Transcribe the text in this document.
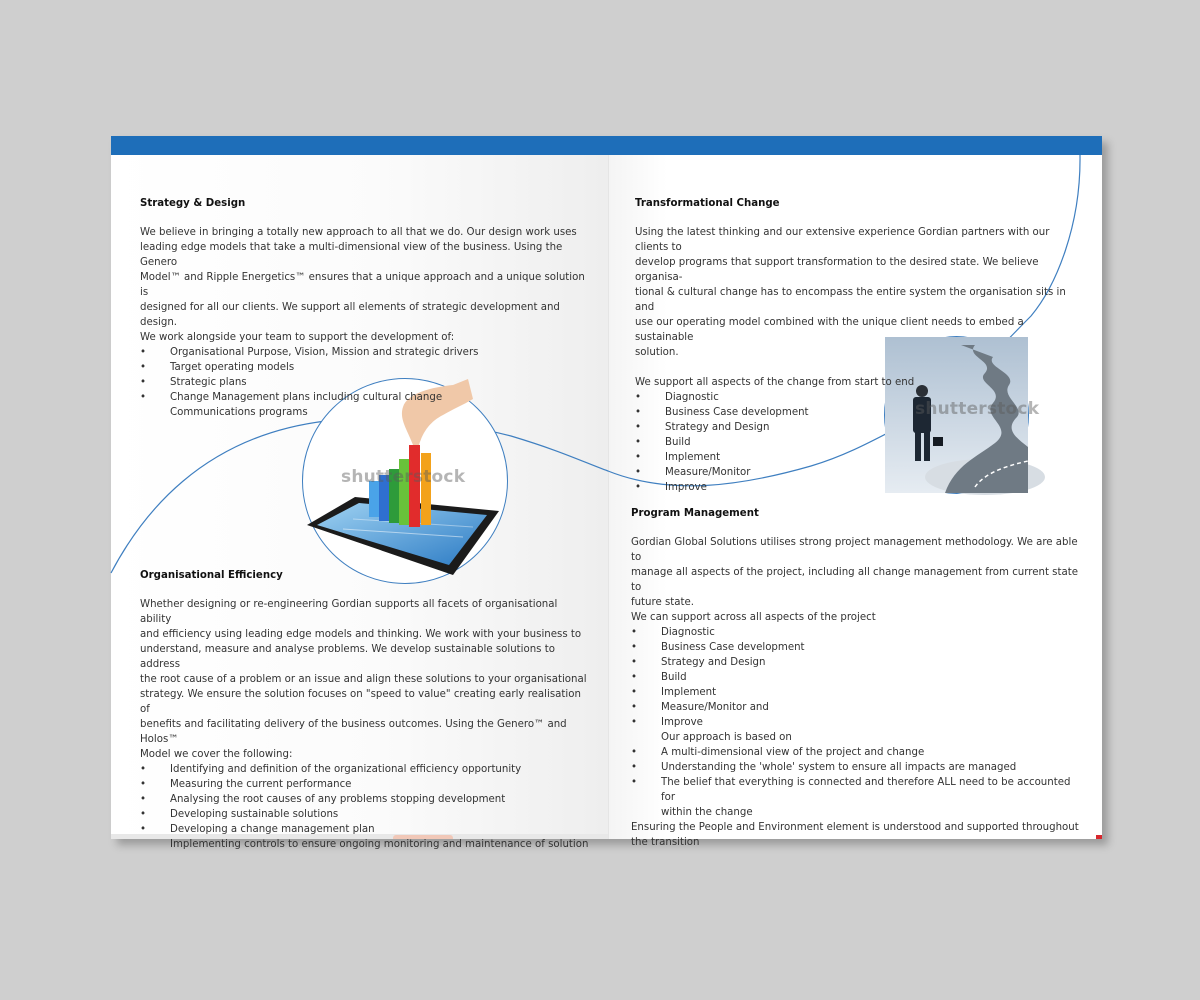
shutterstock
shutterstock
Strategy & Design

We believe in bringing a totally new approach to all that we do. Our design work uses
leading edge models that take a multi-dimensional view of the business. Using the Genero
Model™ and Ripple Energetics™ ensures that a unique approach and a unique solution is
designed for all our clients. We support all elements of strategic development and design.
We work alongside your team to support the development of:

• Organisational Purpose, Vision, Mission and strategic drivers
• Target operating models
• Strategic plans
• Change Management plans including cultural change
Communications programs
Organisational Efficiency

Whether designing or re-engineering Gordian supports all facets of organisational ability
and efficiency using leading edge models and thinking. We work with your business to
understand, measure and analyse problems. We develop sustainable solutions to address
the root cause of a problem or an issue and align these solutions to your organisational
strategy. We ensure the solution focuses on "speed to value" creating early realisation of
benefits and facilitating delivery of the business outcomes. Using the Genero™ and Holos™
Model we cover the following:

• Identifying and definition of the organizational efficiency opportunity
• Measuring the current performance
• Analysing the root causes of any problems stopping development
• Developing sustainable solutions
• Developing a change management plan
Implementing controls to ensure ongoing monitoring and maintenance of solution
Transformational Change

Using the latest thinking and our extensive experience Gordian partners with our clients to
develop programs that support transformation to the desired state. We believe organisa-
tional & cultural change has to encompass the entire system the organisation sits in and
use our operating model combined with the unique client needs to embed a sustainable
solution.

We support all aspects of the change from start to end
• Diagnostic
• Business Case development
• Strategy and Design
• Build
• Implement
• Measure/Monitor
• Improve
Program Management

Gordian Global Solutions utilises strong project management methodology. We are able to
manage all aspects of the project, including all change management from current state to
future state.
We can support across all aspects of the project

• Diagnostic
• Business Case development
• Strategy and Design
• Build
• Implement
• Measure/Monitor and
• Improve
Our approach is based on
• A multi-dimensional view of the project and change
• Understanding the 'whole' system to ensure all impacts are managed
• The belief that everything is connected and therefore ALL need to be accounted for
within the change

Ensuring the People and Environment element is understood and supported throughout
the transition
